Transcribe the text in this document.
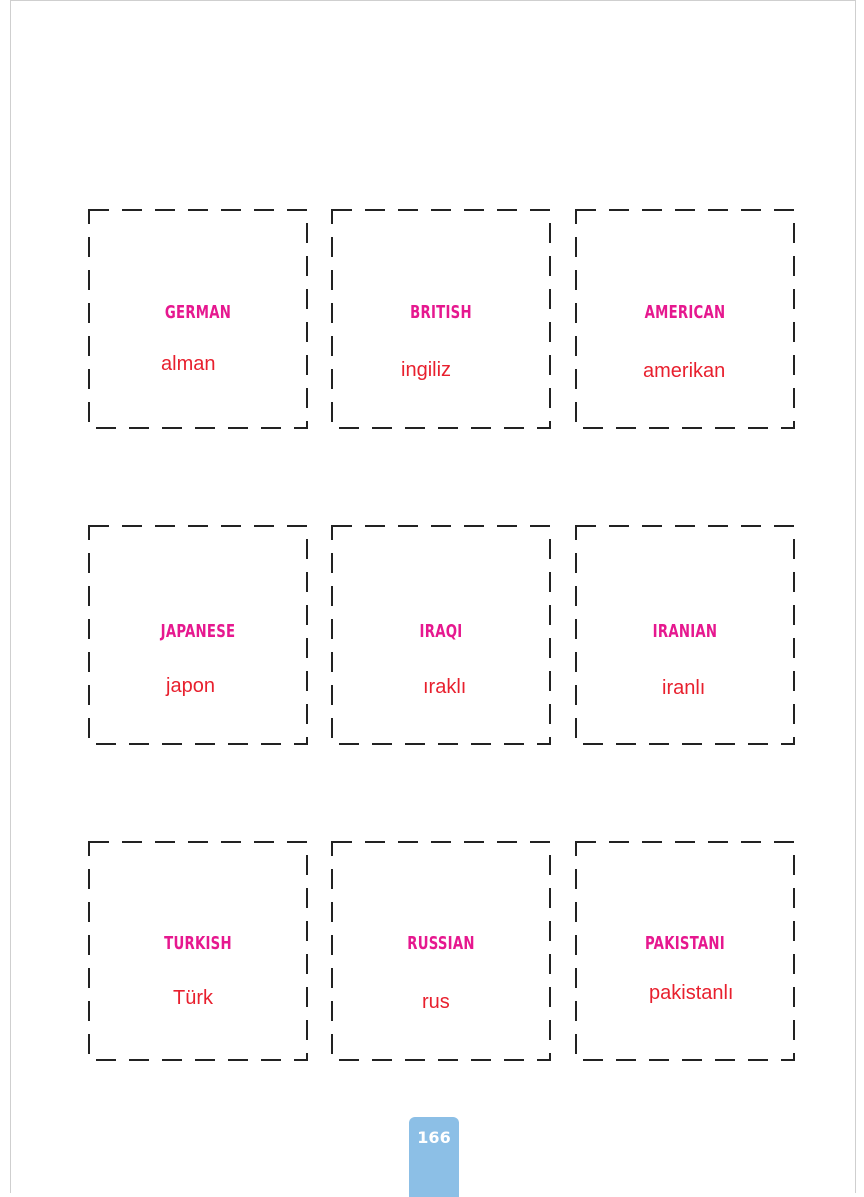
GERMAN
alman
BRITISH
ingiliz
AMERICAN
amerikan
JAPANESE
japon
IRAQI
ıraklı
IRANIAN
iranlı
TURKISH
Türk
RUSSIAN
rus
PAKISTANI
pakistanlı
166
